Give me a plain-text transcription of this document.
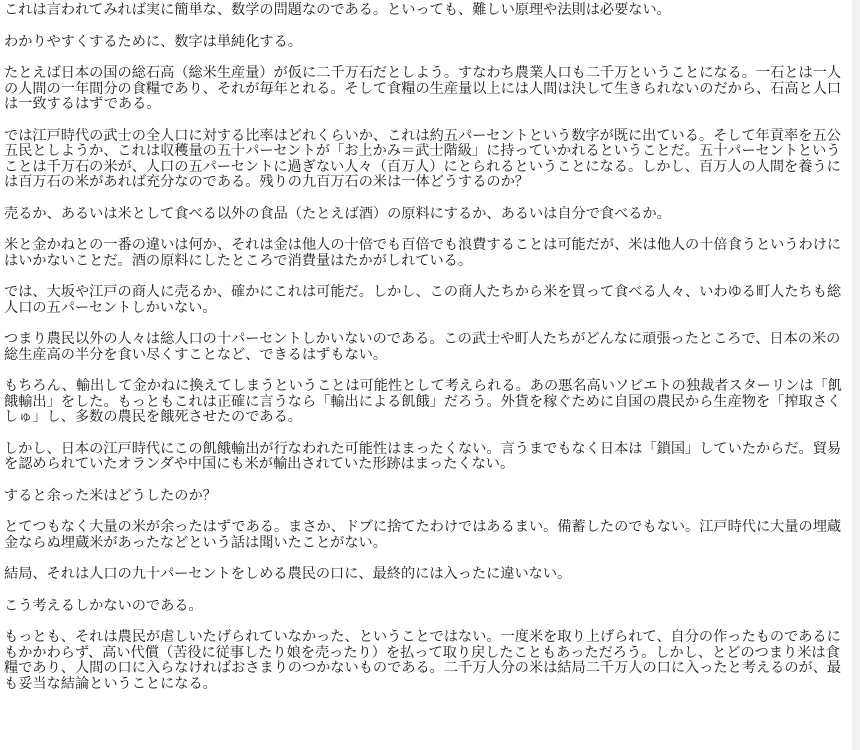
これは言われてみれば実に簡単な、数学の問題なのである。といっても、難しい原理や法則は必要ない。

わかりやすくするために、数字は単純化する。

たとえば日本の国の総石高（総米生産量）が仮に二千万石だとしよう。すなわち農業人口も二千万ということになる。一石とは一人の人間の一年間分の食糧であり、それが毎年とれる。そして食糧の生産量以上には人間は決して生きられないのだから、石高と人口は一致するはずである。

では江戸時代の武士の全人口に対する比率はどれくらいか、これは約五パーセントという数字が既に出ている。そして年貢率を五公五民としようか、これは収穫量の五十パーセントが「お上かみ＝武士階級」に持っていかれるということだ。五十パーセントということは千万石の米が、人口の五パーセントに過ぎない人々（百万人）にとられるということになる。しかし、百万人の人間を養うには百万石の米があれば充分なのである。残りの九百万石の米は一体どうするのか？

売るか、あるいは米として食べる以外の食品（たとえば酒）の原料にするか、あるいは自分で食べるか。

米と金かねとの一番の違いは何か、それは金は他人の十倍でも百倍でも浪費することは可能だが、米は他人の十倍食うというわけにはいかないことだ。酒の原料にしたところで消費量はたかがしれている。

では、大坂や江戸の商人に売るか、確かにこれは可能だ。しかし、この商人たちから米を買って食べる人々、いわゆる町人たちも総人口の五パーセントしかいない。

つまり農民以外の人々は総人口の十パーセントしかいないのである。この武士や町人たちがどんなに頑張ったところで、日本の米の総生産高の半分を食い尽くすことなど、できるはずもない。

もちろん、輸出して金かねに換えてしまうということは可能性として考えられる。あの悪名高いソビエトの独裁者スターリンは「飢餓輸出」をした。もっともこれは正確に言うなら「輸出による飢餓」だろう。外貨を稼ぐために自国の農民から生産物を「搾取さくしゅ」し、多数の農民を餓死させたのである。

しかし、日本の江戸時代にこの飢餓輸出が行なわれた可能性はまったくない。言うまでもなく日本は「鎖国」していたからだ。貿易を認められていたオランダや中国にも米が輸出されていた形跡はまったくない。

すると余った米はどうしたのか？

とてつもなく大量の米が余ったはずである。まさか、ドブに捨てたわけではあるまい。備蓄したのでもない。江戸時代に大量の埋蔵金ならぬ埋蔵米があったなどという話は聞いたことがない。

結局、それは人口の九十パーセントをしめる農民の口に、最終的には入ったに違いない。

こう考えるしかないのである。

もっとも、それは農民が虐しいたげられていなかった、ということではない。一度米を取り上げられて、自分の作ったものであるにもかかわらず、高い代償（苦役に従事したり娘を売ったり）を払って取り戻したこともあっただろう。しかし、とどのつまり米は食糧であり、人間の口に入らなければおさまりのつかないものである。二千万人分の米は結局二千万人の口に入ったと考えるのが、最も妥当な結論ということになる。
